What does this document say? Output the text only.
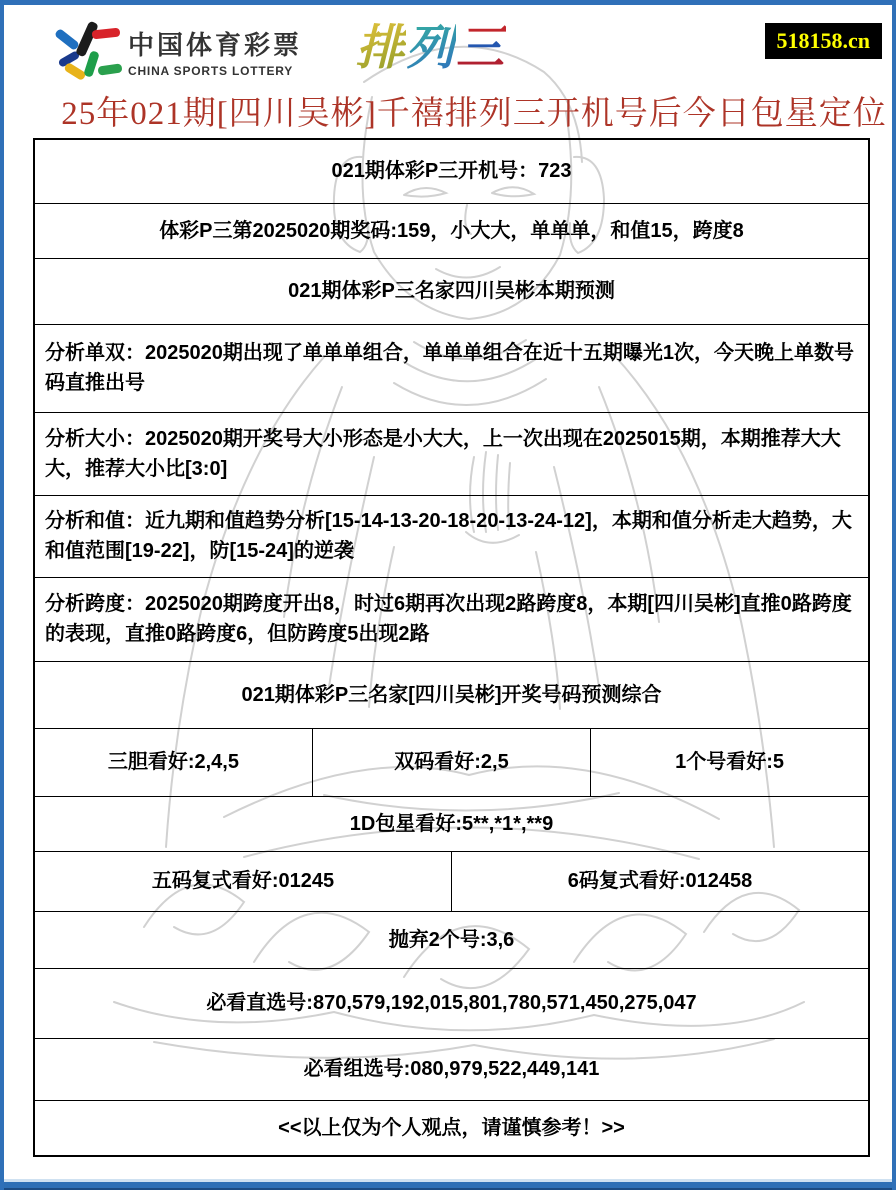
中国体育彩票
CHINA SPORTS LOTTERY 排列三	518158.cn
25年021期[四川吴彬]千禧排列三开机号后今日包星定位
021期体彩P三开机号：723			
体彩P三第2025020期奖码:159，小大大，单单单，和值15，跨度8			
021期体彩P三名家四川吴彬本期预测			
分析单双：2025020期出现了单单单组合，单单单组合在近十五期曝光1次，今天晚上单数号码直推出号			
分析大小：2025020期开奖号大小形态是小大大，上一次出现在2025015期，本期推荐大大大，推荐大小比[3:0]			
分析和值：近九期和值趋势分析[15-14-13-20-18-20-13-24-12]，本期和值分析走大趋势，大和值范围[19-22]，防[15-24]的逆袭			
分析跨度：2025020期跨度开出8，时过6期再次出现2路跨度8，本期[四川吴彬]直推0路跨度的表现，直推0路跨度6，但防跨度5出现2路			
021期体彩P三名家[四川吴彬]开奖号码预测综合			
三胆看好:2,4,5	双码看好:2,5		1个号看好:5
1D包星看好:5**,*1*,**9			
五码复式看好:01245		6码复式看好:012458	
抛弃2个号:3,6			
必看直选号:870,579,192,015,801,780,571,450,275,047			
必看组选号:080,979,522,449,141			
<<以上仅为个人观点，请谨慎参考！>>			
